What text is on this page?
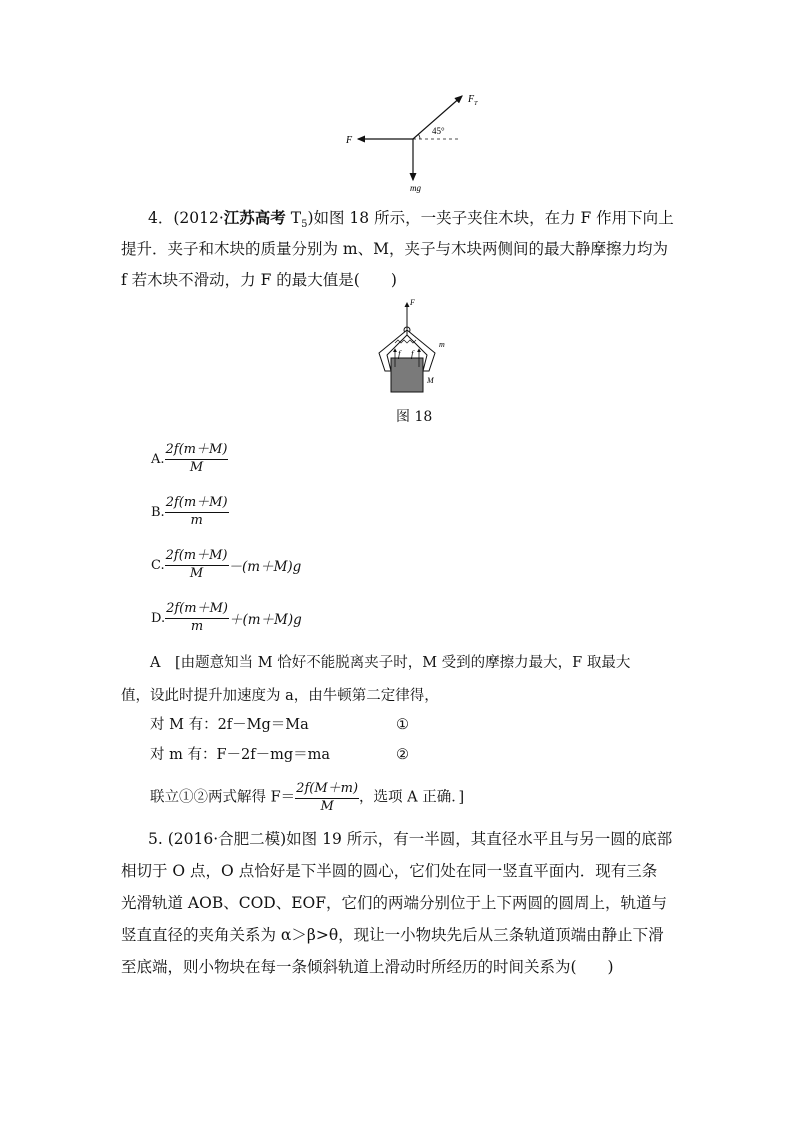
F
$F_T$
45°
mg
4．(2012·江苏高考 $T_5$)如图 18 所示，一夹子夹住木块，在力 F 作用下向上
提升．夹子和木块的质量分别为 m、M，夹子与木块两侧间的最大静摩擦力均为
f 若木块不滑动，力 F 的最大值是(　　)
F
f f
m
M
图 18
A. $\frac{2f(m+M)}{M}$
B. $\frac{2f(m+M)}{m}$
C. $\frac{2f(m+M)}{M} -(m+M)g$
D. $\frac{2f(m+M)}{m} +(m+M)g$
A　[由题意知当 M 恰好不能脱离夹子时，M 受到的摩擦力最大，F 取最大
值，设此时提升加速度为 a，由牛顿第二定律得，
对 M 有：2f－Mg＝Ma	①
对 m 有：F－2f－mg＝ma	②
联立①②两式解得 $F= \frac{2f(M+m)}{M}$ ，选项 A 正确．]
5. (2016·合肥二模)如图 19 所示，有一半圆，其直径水平且与另一圆的底部
相切于 O 点，O 点恰好是下半圆的圆心，它们处在同一竖直平面内．现有三条
光滑轨道 AOB、COD、EOF，它们的两端分别位于上下两圆的圆周上，轨道与
竖直直径的夹角关系为 α＞β>θ，现让一小物块先后从三条轨道顶端由静止下滑
至底端，则小物块在每一条倾斜轨道上滑动时所经历的时间关系为(　　)
